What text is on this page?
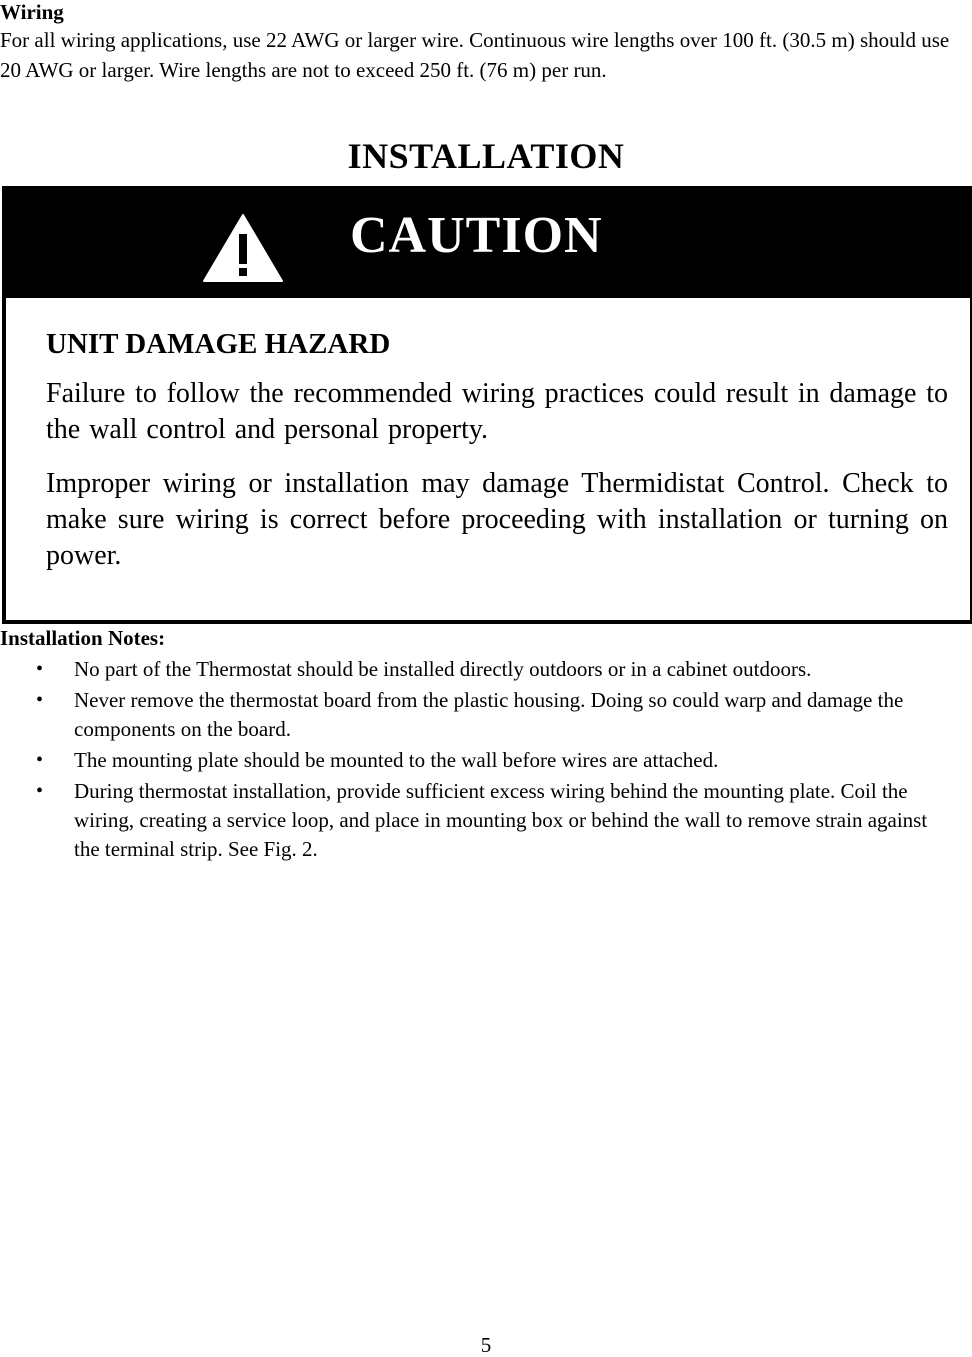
Wiring

For all wiring applications, use 22 AWG or larger wire. Continuous wire lengths over 100 ft. (30.5 m) should use 20 AWG or larger. Wire lengths are not to exceed 250 ft. (76 m) per run.

INSTALLATION
CAUTION
UNIT DAMAGE HAZARD

Failure to follow the recommended wiring practices could result in damage to the wall control and personal property.

Improper wiring or installation may damage Thermidistat Control. Check to make sure wiring is correct before proceeding with installation or turning on power.

Installation Notes:
• No part of the Thermostat should be installed directly outdoors or in a cabinet outdoors.
• Never remove the thermostat board from the plastic housing. Doing so could warp and damage the components on the board.
• The mounting plate should be mounted to the wall before wires are attached.
• During thermostat installation, provide sufficient excess wiring behind the mounting plate. Coil the wiring, creating a service loop, and place in mounting box or behind the wall to remove strain against the terminal strip. See Fig. 2.

5
